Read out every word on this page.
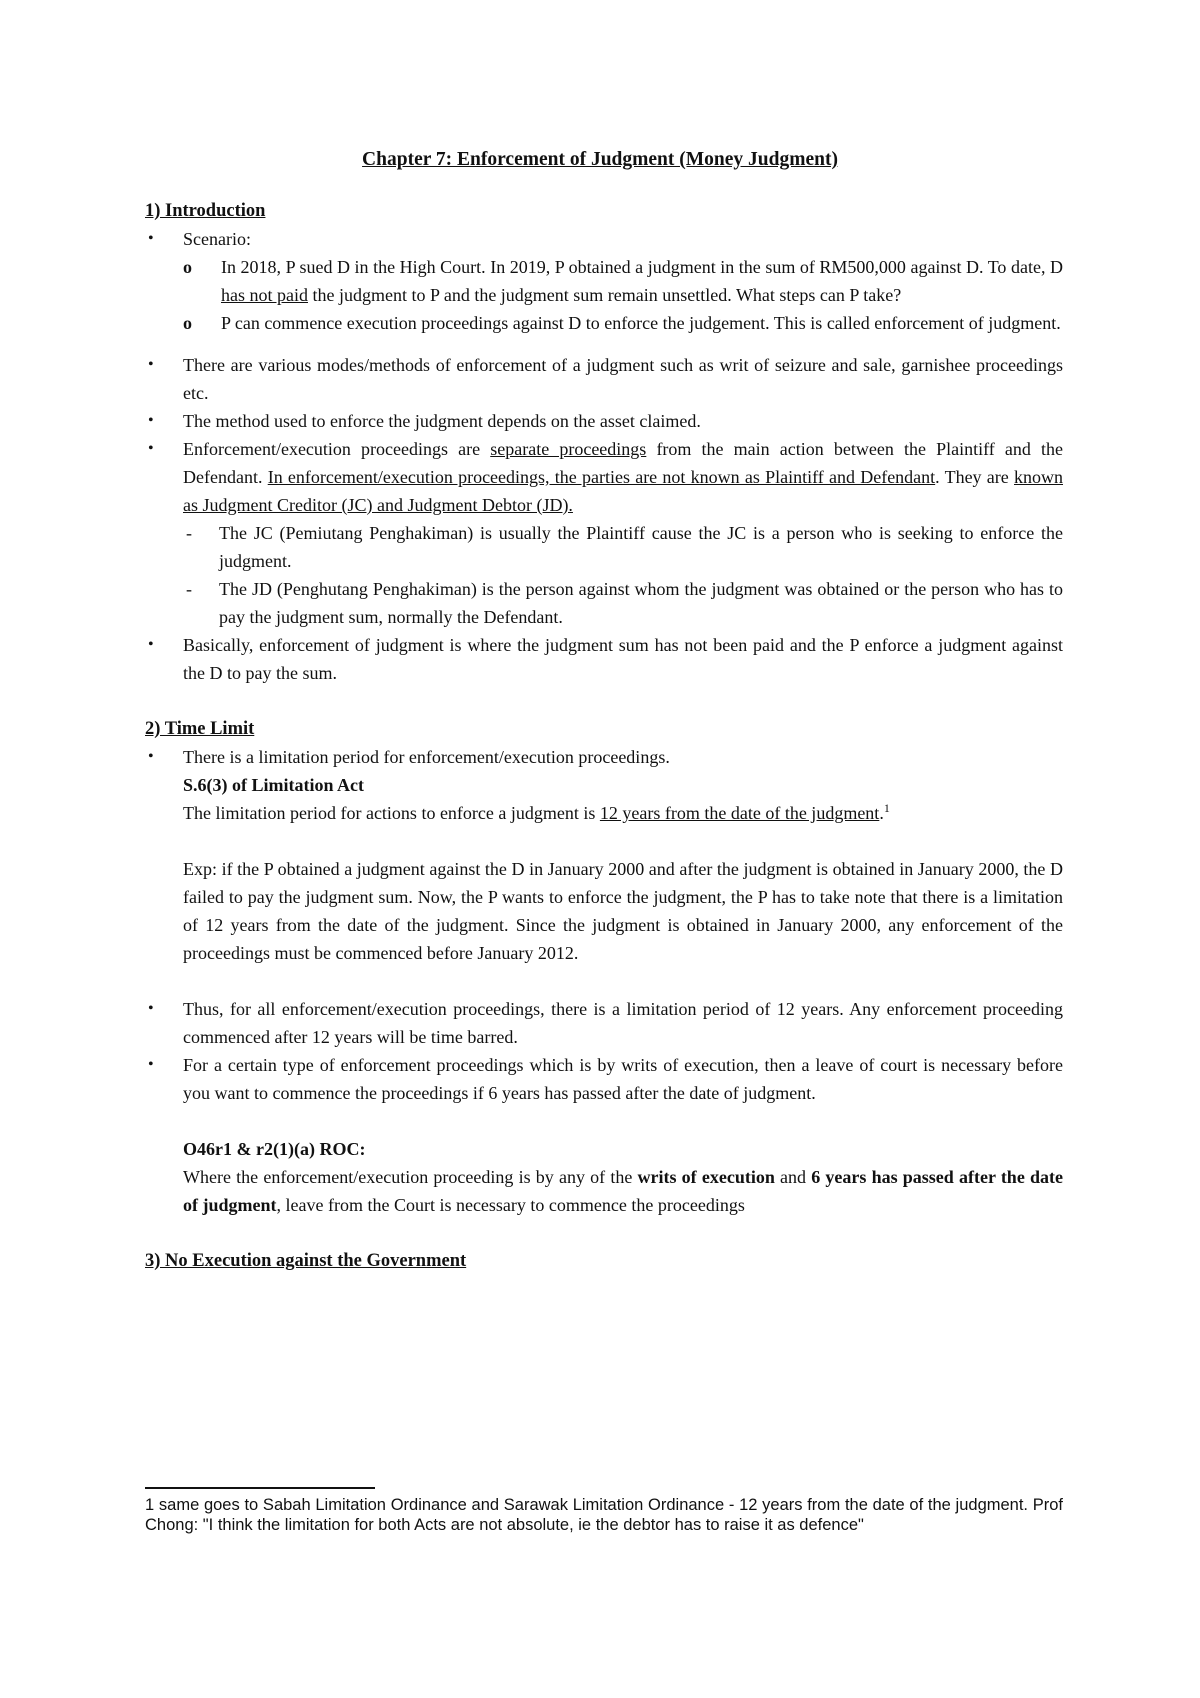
Chapter 7: Enforcement of Judgment (Money Judgment)

1) Introduction

• Scenario:
o In 2018, P sued D in the High Court. In 2019, P obtained a judgment in the sum of RM500,000 against D. To date, D has not paid the judgment to P and the judgment sum remain unsettled. What steps can P take?
o P can commence execution proceedings against D to enforce the judgement. This is called enforcement of judgment.
• There are various modes/methods of enforcement of a judgment such as writ of seizure and sale, garnishee proceedings etc.
• The method used to enforce the judgment depends on the asset claimed.
• Enforcement/execution proceedings are separate proceedings from the main action between the Plaintiff and the Defendant. In enforcement/execution proceedings, the parties are not known as Plaintiff and Defendant. They are known as Judgment Creditor (JC) and Judgment Debtor (JD).
- The JC (Pemiutang Penghakiman) is usually the Plaintiff cause the JC is a person who is seeking to enforce the judgment.
- The JD (Penghutang Penghakiman) is the person against whom the judgment was obtained or the person who has to pay the judgment sum, normally the Defendant.
• Basically, enforcement of judgment is where the judgment sum has not been paid and the P enforce a judgment against the D to pay the sum.

2) Time Limit

• There is a limitation period for enforcement/execution proceedings.
S.6(3) of Limitation Act
The limitation period for actions to enforce a judgment is 12 years from the date of the judgment.$^1$
Exp: if the P obtained a judgment against the D in January 2000 and after the judgment is obtained in January 2000, the D failed to pay the judgment sum. Now, the P wants to enforce the judgment, the P has to take note that there is a limitation of 12 years from the date of the judgment. Since the judgment is obtained in January 2000, any enforcement of the proceedings must be commenced before January 2012.
• Thus, for all enforcement/execution proceedings, there is a limitation period of 12 years. Any enforcement proceeding commenced after 12 years will be time barred.
• For a certain type of enforcement proceedings which is by writs of execution, then a leave of court is necessary before you want to commence the proceedings if 6 years has passed after the date of judgment.
O46r1 & r2(1)(a) ROC:
Where the enforcement/execution proceeding is by any of the writs of execution and 6 years has passed after the date of judgment, leave from the Court is necessary to commence the proceedings

3) No Execution against the Government

1 same goes to Sabah Limitation Ordinance and Sarawak Limitation Ordinance - 12 years from the date of the judgment. Prof Chong: "I think the limitation for both Acts are not absolute, ie the debtor has to raise it as defence"
